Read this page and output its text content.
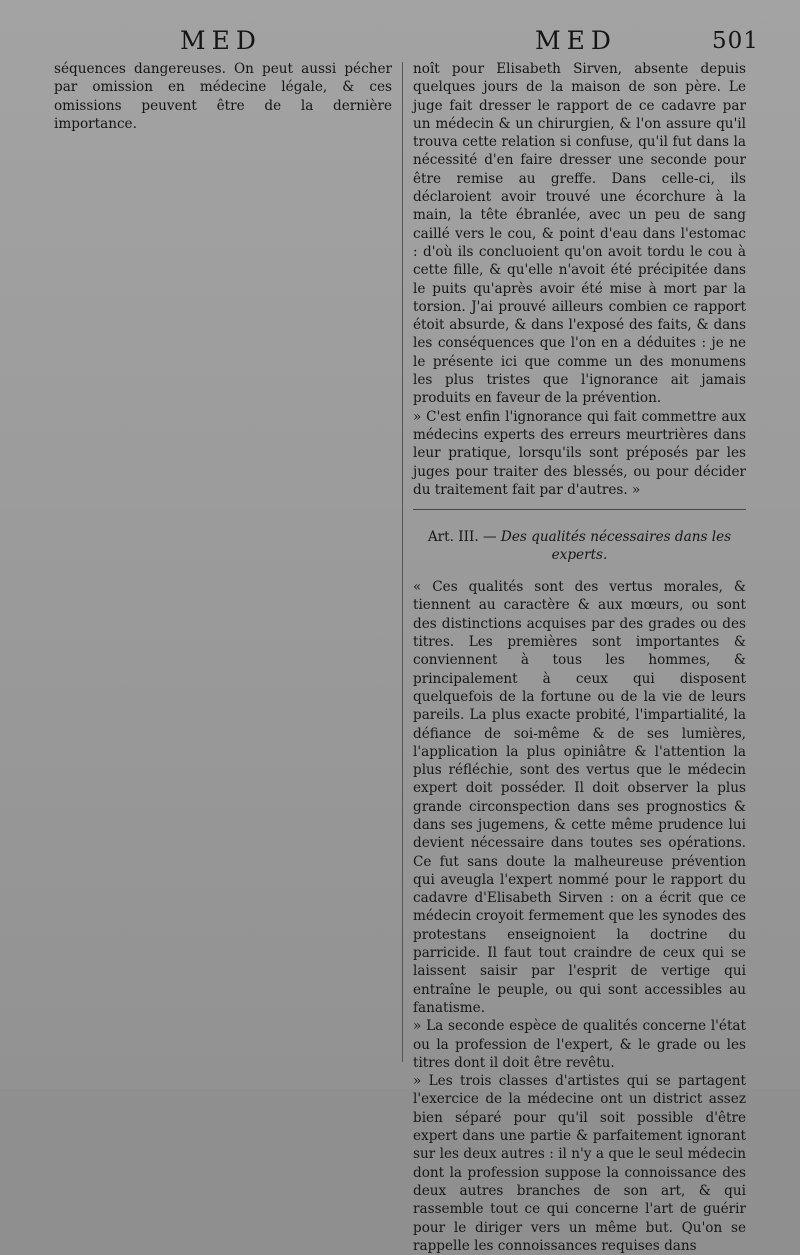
MED	MED	501

séquences dangereuses. On peut aussi pécher par omission en médecine légale, & ces omissions peuvent être de la dernière importance.

noît pour Elisabeth Sirven, absente depuis quelques jours de la maison de son père. Le juge fait dresser le rapport de ce cadavre par un médecin & un chirurgien, & l'on assure qu'il trouva cette relation si confuse, qu'il fut dans la nécessité d'en faire dresser une seconde pour être remise au greffe. Dans celle-ci, ils déclaroient avoir trouvé une écorchure à la main, la tête ébranlée, avec un peu de sang caillé vers le cou, & point d'eau dans l'estomac : d'où ils concluoient qu'on avoit tordu le cou à cette fille, & qu'elle n'avoit été précipitée dans le puits qu'après avoir été mise à mort par la torsion. J'ai prouvé ailleurs combien ce rapport étoit absurde, & dans l'exposé des faits, & dans les conséquences que l'on en a déduites : je ne le présente ici que comme un des monumens les plus tristes que l'ignorance ait jamais produits en faveur de la prévention.

» C'est enfin l'ignorance qui fait commettre aux médecins experts des erreurs meurtrières dans leur pratique, lorsqu'ils sont préposés par les juges pour traiter des blessés, ou pour décider du traitement fait par d'autres. »

Art. III. — Des qualités nécessaires dans les experts.

« Ces qualités sont des vertus morales, & tiennent au caractère & aux mœurs, ou sont des distinctions acquises par des grades ou des titres. Les premières sont importantes & conviennent à tous les hommes, & principalement à ceux qui disposent quelquefois de la fortune ou de la vie de leurs pareils. La plus exacte probité, l'impartialité, la défiance de soi-même & de ses lumières, l'application la plus opiniâtre & l'attention la plus réfléchie, sont des vertus que le médecin expert doit posséder. Il doit observer la plus grande circonspection dans ses prognostics & dans ses jugemens, & cette même prudence lui devient nécessaire dans toutes ses opérations. Ce fut sans doute la malheureuse prévention qui aveugla l'expert nommé pour le rapport du cadavre d'Elisabeth Sirven : on a écrit que ce médecin croyoit fermement que les synodes des protestans enseignoient la doctrine du parricide. Il faut tout craindre de ceux qui se laissent saisir par l'esprit de vertige qui entraîne le peuple, ou qui sont accessibles au fanatisme.

» La seconde espèce de qualités concerne l'état ou la profession de l'expert, & le grade ou les titres dont il doit être revêtu.

» Les trois classes d'artistes qui se partagent l'exercice de la médecine ont un district assez bien séparé pour qu'il soit possible d'être expert dans une partie & parfaitement ignorant sur les deux autres : il n'y a que le seul médecin dont la profession suppose la connoissance des deux autres branches de son art, & qui rassemble tout ce qui concerne l'art de guérir pour le diriger vers un même but. Qu'on se rappelle les connoissances requises dans
